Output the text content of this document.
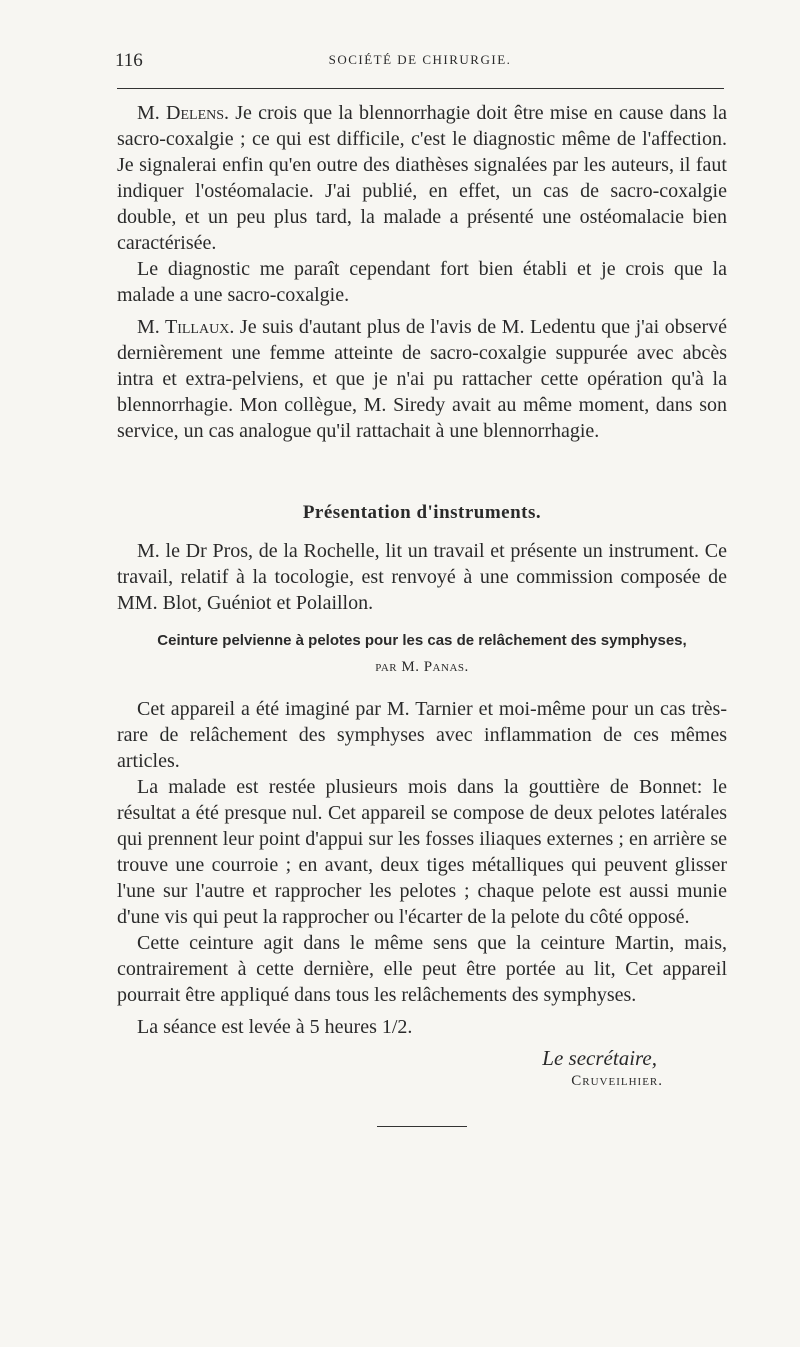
116	SOCIÉTÉ DE CHIRURGIE.

M. Delens. Je crois que la blennorrhagie doit être mise en cause dans la sacro-coxalgie ; ce qui est difficile, c'est le diagnostic même de l'affection. Je signalerai enfin qu'en outre des diathèses signalées par les auteurs, il faut indiquer l'ostéomalacie. J'ai publié, en effet, un cas de sacro-coxalgie double, et un peu plus tard, la malade a présenté une ostéomalacie bien caractérisée.

Le diagnostic me paraît cependant fort bien établi et je crois que la malade a une sacro-coxalgie.

M. Tillaux. Je suis d'autant plus de l'avis de M. Ledentu que j'ai observé dernièrement une femme atteinte de sacro-coxalgie suppurée avec abcès intra et extra-pelviens, et que je n'ai pu rattacher cette opération qu'à la blennorrhagie. Mon collègue, M. Siredy avait au même moment, dans son service, un cas analogue qu'il rattachait à une blennorrhagie.

Présentation d'instruments.

M. le Dr Pros, de la Rochelle, lit un travail et présente un instrument. Ce travail, relatif à la tocologie, est renvoyé à une commission composée de MM. Blot, Guéniot et Polaillon.

Ceinture pelvienne à pelotes pour les cas de relâchement des symphyses,
par M. Panas.

Cet appareil a été imaginé par M. Tarnier et moi-même pour un cas très-rare de relâchement des symphyses avec inflammation de ces mêmes articles.

La malade est restée plusieurs mois dans la gouttière de Bonnet: le résultat a été presque nul. Cet appareil se compose de deux pelotes latérales qui prennent leur point d'appui sur les fosses iliaques externes ; en arrière se trouve une courroie ; en avant, deux tiges métalliques qui peuvent glisser l'une sur l'autre et rapprocher les pelotes ; chaque pelote est aussi munie d'une vis qui peut la rapprocher ou l'écarter de la pelote du côté opposé.

Cette ceinture agit dans le même sens que la ceinture Martin, mais, contrairement à cette dernière, elle peut être portée au lit, Cet appareil pourrait être appliqué dans tous les relâchements des symphyses.

La séance est levée à 5 heures 1/2.

Le secrétaire,
Cruveilhier.
